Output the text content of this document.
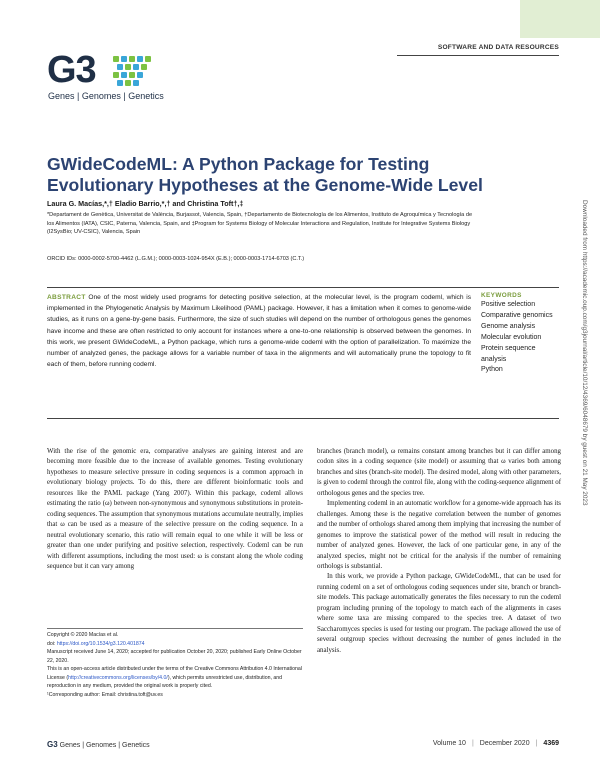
G3
Genes | Genomes | Genetics
SOFTWARE AND DATA RESOURCES
GWideCodeML: A Python Package for Testing Evolutionary Hypotheses at the Genome-Wide Level
Laura G. Macías,*,† Eladio Barrio,*,† and Christina Toft†,‡
*Departament de Genètica, Universitat de València, Burjassot, Valencia, Spain, †Departamento de Biotecnología de los Alimentos, Instituto de Agroquímica y Tecnología de los Alimentos (IATA), CSIC, Paterna, Valencia, Spain, and ‡Program for Systems Biology of Molecular Interactions and Regulation, Institute for Integrative Systems Biology (I2SysBio; UV-CSIC), Valencia, Spain
ORCID IDs: 0000-0002-5700-4462 (L.G.M.); 0000-0003-1024-954X (E.B.); 0000-0003-1714-6703 (C.T.)
ABSTRACT One of the most widely used programs for detecting positive selection, at the molecular level, is the program codeml, which is implemented in the Phylogenetic Analysis by Maximum Likelihood (PAML) package. However, it has a limitation when it comes to genome-wide studies, as it runs on a gene-by-gene basis. Furthermore, the size of such studies will depend on the number of orthologous genes the genomes have income and these are often restricted to only account for instances where a one-to-one relationship is observed between the genomes. In this work, we present GWideCodeML, a Python package, which runs a genome-wide codeml with the option of parallelization. To maximize the number of analyzed genes, the package allows for a variable number of taxa in the alignments and will automatically prune the topology to fit each of them, before running codeml.
KEYWORDS
Positive selection
Comparative genomics
Genome analysis
Molecular evolution
Protein sequence analysis
Python	Downloaded from https://academic.oup.com/g3journal/article/10/12/4369/6048679 by guest on 21 May 2023

With the rise of the genomic era, comparative analyses are gaining interest and are becoming more feasible due to the increase of available genomes. Testing evolutionary hypotheses to measure selective pressure in coding sequences is a common approach in evolutionary biology projects. To do this, there are different bioinformatic tools and resources like the PAML package (Yang 2007). Within this package, codeml allows estimating the ratio (ω) between non-synonymous and synonymous substitutions in protein-coding sequences. The assumption that synonymous mutations accumulate neutrally, implies that ω can be used as a measure of the selective pressure on the coding sequence. In a neutral evolutionary scenario, this ratio will remain equal to one while it will be less or greater than one under purifying and positive selection, respectively. Codeml can be run with different assumptions, including the most used: ω is constant along the whole coding sequence but it can vary among

branches (branch model), ω remains constant among branches but it can differ among codon sites in a coding sequence (site model) or assuming that ω varies both among branches and sites (branch-site model). The desired model, along with other parameters, is given to codeml through the control file, along with the coding-sequence alignment of orthologous genes and the species tree.

Implementing codeml in an automatic workflow for a genome-wide approach has its challenges. Among these is the negative correlation between the number of genomes and the number of orthologs shared among them implying that increasing the number of genomes to improve the statistical power of the method will result in reducing the number of analyzed genes. However, the lack of one particular gene, in any of the analyzed species, might not be critical for the analysis if the number of remaining orthologs is substantial.

In this work, we provide a Python package, GWideCodeML, that can be used for running codeml on a set of orthologous coding sequences under site, branch or branch-site models. This package automatically generates the files necessary to run the codeml program including pruning of the topology to match each of the alignments in cases where some taxa are missing compared to the species tree. A dataset of two Saccharomyces species is used for testing our program. The package allowed the use of several outgroup species without decreasing the number of genes included in the analysis.

Copyright © 2020 Macías et al.
doi: https://doi.org/10.1534/g3.120.401874
Manuscript received June 14, 2020; accepted for publication October 20, 2020; published Early Online October 22, 2020.
This is an open-access article distributed under the terms of the Creative Commons Attribution 4.0 International License (http://creativecommons.org/licenses/by/4.0/), which permits unrestricted use, distribution, and reproduction in any medium, provided the original work is properly cited.
¹Corresponding author: Email: christina.toft@uv.es
G3 Genes | Genomes | Genetics	Volume 10 | December 2020 | 4369
